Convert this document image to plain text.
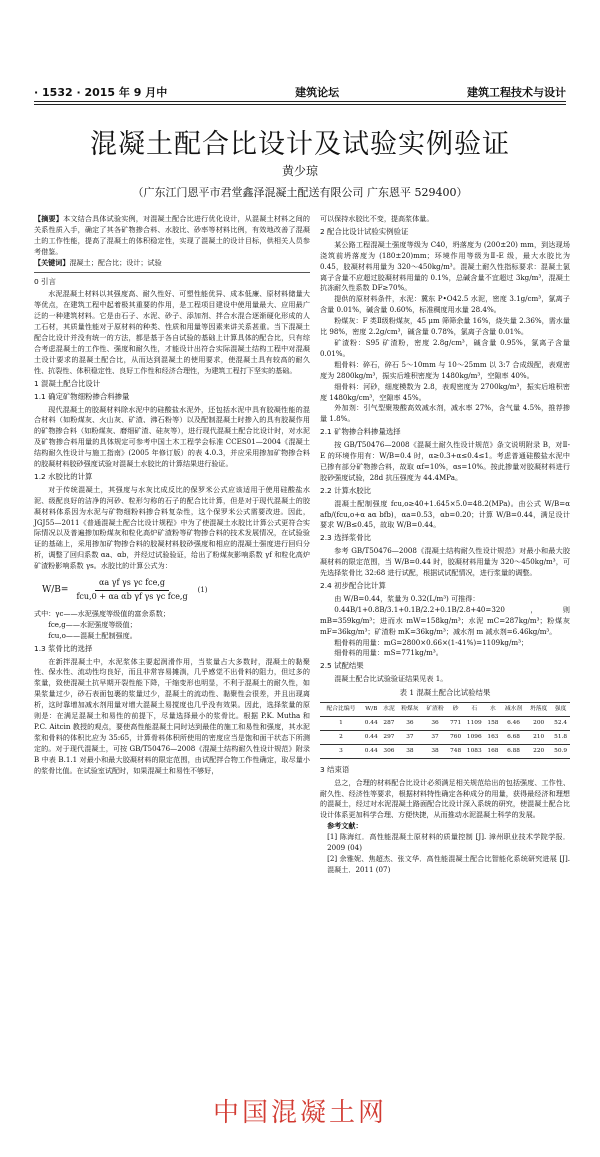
· 1532 · 2015 年 9 月中	建筑论坛	建筑工程技术与设计
混凝土配合比设计及试验实例验证
黄少琼
（广东江门恩平市君堂鑫泽混凝土配送有限公司 广东恩平 529400）

【摘要】本文结合具体试验实例，对混凝土配合比进行优化设计，从混凝土材料之间的关系性质入手，确定了其各矿物掺合料、水胶比、砂率等材料比例，有效地改善了混凝土的工作性能，提高了混凝土的体积稳定性，实现了混凝土的设计目标，供相关人员参考借鉴。

【关键词】混凝土；配合比；设计；试验

0 引言

水泥混凝土材料以其强度高、耐久性好、可塑性能优异、成本低廉、原材料储量大等优点，在建筑工程中起着极其重要的作用，是工程项目建设中使用量最大、应用最广泛的一种建筑材料。它是由石子、水泥、砂子、添加剂、拌合水混合逐渐硬化形成的人工石材，其质量性能对于原材料的种类、性质和用量等因素来讲关系甚重。当下混凝土配合比设计并没有统一的方法，都是基于各自试验的基础上计算具体的配合比，只有综合考虑混凝土的工作性、强度和耐久性，才能设计出符合实际混凝土结构工程中对混凝土设计要求的混凝土配合比，从而达到混凝土的使用要求，使混凝土具有较高的耐久性、抗裂性、体积稳定性、良好工作性和经济合理性，为建筑工程打下坚实的基础。

1 混凝土配合比设计
1.1 确定矿物细粉掺合料掺量

现代混凝土的胶凝材料除水泥中的硅酸盐水泥外，还包括水泥中具有胶凝性能的混合材料（如粉煤灰、火山灰、矿渣、沸石粉等）以及配制混凝土时掺入的具有胶凝作用的矿物掺合料（如粉煤灰、磨细矿渣、硅灰等），进行现代混凝土配合比设计时，对水泥及矿物掺合料用量的具体规定可参考中国土木工程学会标准 CCES01—2004《混凝土结构耐久性设计与施工指南》(2005 年修订版）的表 4.0.3，并应采用掺加矿物掺合料的胶凝材料胶砂强度试验对混凝土水胶比的计算结果进行验证。

1.2 水胶比的计算

对于传统混凝土，其强度与水灰比成反比的保罗米公式应该适用于使用硅酸盐水泥、级配良好的洁净的河砂、粒形匀称的石子的配合比计算，但是对于现代混凝土的胶凝材料体系因为水泥与矿物细粉料掺合料复杂性，这个保罗米公式需要改进。因此，JGJ55—2011《普通混凝土配合比设计规程》中为了使混凝土水胶比计算公式更符合实际情况以及普遍掺加粉煤灰和粒化高炉矿渣粉等矿物掺合料的技术发展情况，在试验验证的基础上，采用掺加矿物掺合料的胶凝材料胶砂强度和相应的混凝土强度进行回归分析，调整了回归系数 αa、αb，并经过试验验证，给出了粉煤灰影响系数 γf 和粒化高炉矿渣粉影响系数 γs。水胶比的计算公式为：

$W/B= \frac{\text{αa γf γs γc fce,g}}{\text{fcu,0 + αa αb γf γs γc fce,g}} (1)$

式中：γc——水泥强度等级值的富余系数；

fce,g——水泥强度等级值；

fcu,o——混凝土配制强度。

1.3 浆骨比的选择

在新拌混凝土中，水泥浆体主要起润滑作用，当浆量占大多数时，混凝土的黏聚性、保水性、流动性均良好，而且非常容易摊淌，几乎感觉不出骨料的阻力，但过多的浆量，致使混凝土抗早期开裂性能下降，干缩变形也明显，不利于混凝土的耐久性，如果浆量过少，砂石表面包裹的浆量过少，混凝土的流动性、黏聚性会很差，并且出现离析，这时靠增加减水剂用量对增大混凝土易搅度也几乎没有效果。因此，选择浆量的原则是：在满足混凝土和易性的前提下，尽量选择最小的浆骨比。根据 P.K. Mutha 和 P.C. Aitcin 教授的观点，要使高性能混凝土同时达到最佳的施工和易性和强度，其水泥浆和骨料的体积比应为 35:65，计算骨料体积所使用的密度应当是饱和面干状态下所测定的。对于现代混凝土，可按 GB/T50476—2008《混凝土结构耐久性设计规范》附录 B 中表 B.1.1 对最小和最大胶凝材料的限定范围，由试配拌合物工作性确定，取尽量小的浆骨比值。在试验室试配时，如果混凝土和易性不够好，

可以保持水胶比不变，提高浆体量。

2 配合比设计试验实例验证

某公路工程混凝土强度等级为 C40，坍落度为 (200±20) mm，到达现场浇筑前坍落度为 (180±20)mm；环境作用等级为Ⅱ-E 级，最大水胶比为 0.45，胶凝材料用量为 320～450kg/m³。混凝土耐久性指标要求：混凝土氯离子含量不应超过胶凝材料用量的 0.1%，总碱含量不宜超过 3kg/m³，混凝土抗冻耐久性系数 DF≥70%。

提供的原材料条件，水泥：冀东 P•O42.5 水泥，密度 3.1g/cm³，氯离子含量 0.01%，碱含量 0.60%，标准稠度用水量 28.4%。

粉煤灰：F 类Ⅱ级粉煤灰，45 μm 筛筛余量 16%，烧失量 2.36%，需水量比 98%，密度 2.2g/cm³，碱含量 0.78%，氯离子含量 0.01%。

矿渣粉：S95 矿渣粉，密度 2.8g/cm³，碱含量 0.95%，氯离子含量 0.01%。

粗骨料：碎石，碎石 5～10mm 与 10～25mm 以 3:7 合成级配，表观密度为 2800kg/m³，振实后堆积密度为 1480kg/m³，空隙率 40%。

细骨料：河砂，细度模数为 2.8，表观密度为 2700kg/m³，振实后堆积密度 1480kg/cm³，空隙率 45%。

外加剂：引气型聚羧酸高效减水剂，减水率 27%，含气量 4.5%，推荐掺量 1.8%。

2.1 矿物掺合料掺量选择

按 GB/T50476—2008《混凝土耐久性设计规范》条文说明附录 B，对Ⅱ-E 的环境作用有：W/B=0.4 时，α≥0.3+α≤0.4≤1。考虑普通硅酸盐水泥中已掺有部分矿物掺合料，故取 αf=10%，αs=10%。按此掺量对胶凝材料进行胶砂强度试验，28d 抗压强度为 44.4MPa。

2.2 计算水胶比

混凝土配制强度 fcu,o≥40+1.645×5.0=48.2(MPa)。由公式 W/B=α afb/(fcu,o+α aα bfb)，αa=0.53，αb=0.20；计算 W/B=0.44，满足设计要求 W/B≤0.45，故取 W/B=0.44。

2.3 选择浆骨比

参考 GB/T50476—2008《混凝土结构耐久性设计规范》对最小和最大胶凝材料的限定范围，当 W/B=0.44 时，胶凝材料用量为 320～450kg/m³，可先选择浆骨比 32:68 进行试配，根据试试配情况，进行浆量的调整。

2.4 初步配合比计算

由 W/B=0.44，浆量为 0.32(L/m³) 可推得：

0.44B/1+0.8B/3.1+0.1B/2.2+0.1B/2.8+40=320，则 mB=359kg/m³；进而水 mW=158kg/m³；水泥 mC=287kg/m³；粉煤灰 mF=36kg/m³；矿渣粉 mK=36kg/m³；减水剂 m 减水剂=6.46kg/m³。

粗骨料的用量：mG=2800×0.66×(1-41%)=1109kg/m³；

细骨料的用量：mS=771kg/m³。

2.5 试配结果

混凝土配合比试验验证结果见表 1。

表 1 混凝土配合比试验结果
配合比编号	W/B	水泥	粉煤灰	矿渣粉	砂	石	水	减水剂	坍落度	强度
1	0.44	287	36	36	771	1109	158	6.46	200	52.4
2	0.44	297	37	37	760	1096	163	6.68	210	51.8
3	0.44	306	38	38	748	1083	168	6.88	220	50.9
3 结束语

总之，合理的材料配合比设计必须满足相关规范给出的包括强度、工作性、耐久性、经济性等要求，根据材料特性确定各种成分的用量，获得最经济和理想的混凝土，经过对水泥混凝土路面配合比设计深入系统的研究，使混凝土配合比设计体系更加科学合理、方便快捷，从而推动水泥混凝土科学的发展。

参考文献：

[1] 陈海红．高性能混凝土原材料的质量控制 [J]. 漳州职业技术学院学报．2009 (04)

[2] 余雅妮、焦超杰、张文华．高性能混凝土配合比智能化系统研究进展 [J]. 混凝土．2011 (07)

中国混凝土网
